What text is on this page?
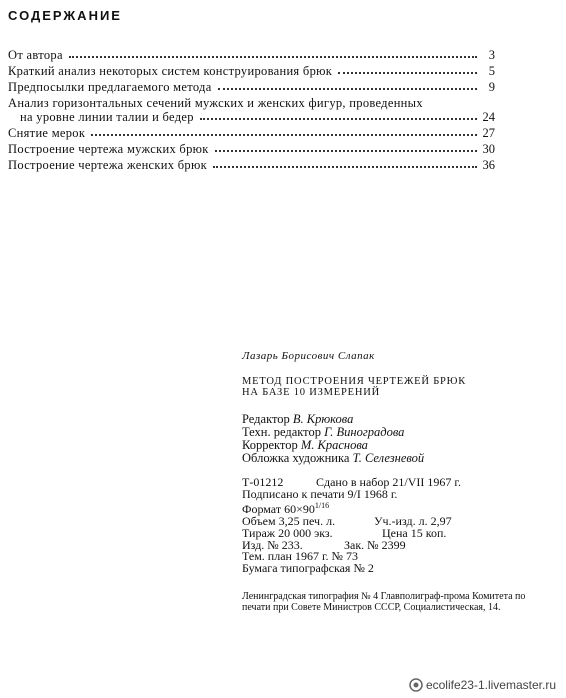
СОДЕРЖАНИЕ
От автора	3
Краткий анализ некоторых систем конструирования брюк	5
Предпосылки предлагаемого метода	9
Анализ горизонтальных сечений мужских и женских фигур, проведенных
на уровне линии талии и бедер	24
Снятие мерок	27
Построение чертежа мужских брюк	30
Построение чертежа женских брюк	36
Лазарь Борисович Слапак
МЕТОД ПОСТРОЕНИЯ ЧЕРТЕЖЕЙ БРЮК
НА БАЗЕ 10 ИЗМЕРЕНИЙ
Редактор В. Крюкова
Техн. редактор Г. Виноградова
Корректор М. Краснова
Обложка художника Т. Селезневой
Т-01212	Сдано в набор 21/VII 1967 г.
Подписано к печати 9/I 1968 г.
Формат $60\times 90^{1/16}$
Объем 3,25 печ. л.	Уч.-изд. л. 2,97
Тираж 20 000 экз.	Цена 15 коп.
Изд. № 233.	Зак. № 2399
Тем. план 1967 г. № 73
Бумага типографская № 2
Ленинградская типография № 4 Главполиграф-промa Комитета по печати при Совете Министров СССР, Социалистическая, 14.
ecolife23-1.livemaster.ru
